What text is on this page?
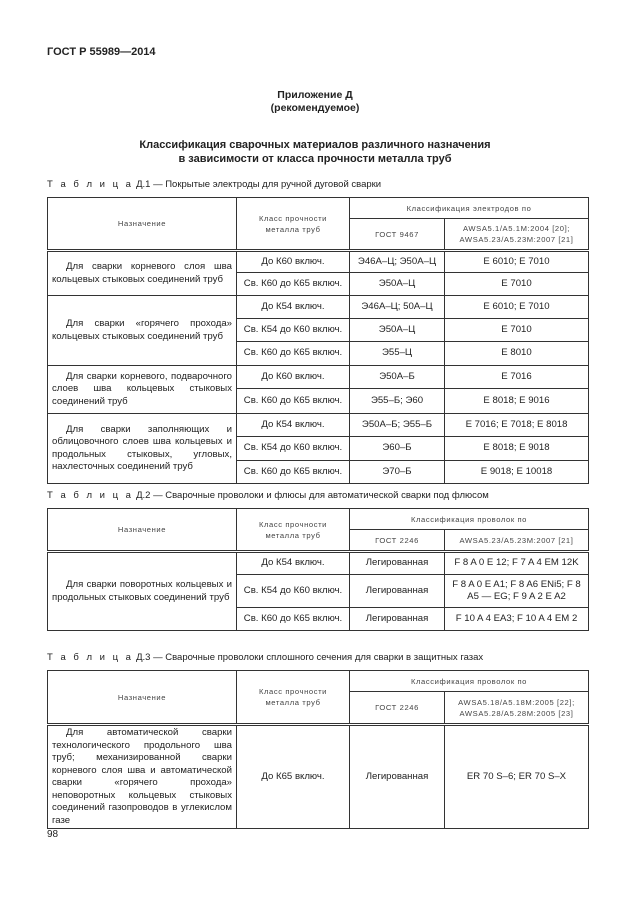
ГОСТ Р 55989—2014
Приложение Д
(рекомендуемое)
Классификация сварочных материалов различного назначения
в зависимости от класса прочности металла труб
Т а б л и ц а Д.1 — Покрытые электроды для ручной дуговой сварки
Назначение	Класс прочности металла труб	Классификация электродов по	
		ГОСТ 9467	AWSA5.1/A5.1M:2004 [20]; AWSA5.23/A5.23M:2007 [21]
Для сварки корневого слоя шва кольцевых стыковых соединений труб	До К60 включ.	Э46А–Ц; Э50А–Ц	E 6010; E 7010
	Св. К60 до К65 включ.	Э50А–Ц	E 7010
Для сварки «горячего прохода» кольцевых стыковых соединений труб	До К54 включ.	Э46А–Ц; 50А–Ц	E 6010; E 7010
	Св. К54 до К60 включ.	Э50А–Ц	E 7010
	Св. К60 до К65 включ.	Э55–Ц	E 8010
Для сварки корневого, подварочного слоев шва кольцевых стыковых соединений труб	До К60 включ.	Э50А–Б	E 7016
	Св. К60 до К65 включ.	Э55–Б; Э60	E 8018; E 9016
Для сварки заполняющих и облицовочного слоев шва кольцевых и продольных стыковых, угловых, нахлесточных соединений труб	До К54 включ.	Э50А–Б; Э55–Б	E 7016; E 7018; E 8018
	Св. К54 до К60 включ.	Э60–Б	E 8018; E 9018
	Св. К60 до К65 включ.	Э70–Б	E 9018; E 10018
Т а б л и ц а Д.2 — Сварочные проволоки и флюсы для автоматической сварки под флюсом
Назначение	Класс прочности металла труб	Классификация проволок по	
		ГОСТ 2246	AWSA5.23/A5.23M:2007 [21]
Для сварки поворотных кольцевых и продольных стыковых соединений труб	До К54 включ.	Легированная	F 8 A 0 E 12; F 7 A 4 EM 12K
	Св. К54 до К60 включ.	Легированная	F 8 A 0 E A1; F 8 A6 ENi5; F 8 A5 — EG; F 9 A 2 E A2
	Св. К60 до К65 включ.	Легированная	F 10 A 4 EA3; F 10 A 4 EM 2
Т а б л и ц а Д.3 — Сварочные проволоки сплошного сечения для сварки в защитных газах
Назначение	Класс прочности металла труб	Классификация проволок по	
		ГОСТ 2246	AWSA5.18/A5.18M:2005 [22]; AWSA5.28/A5.28M:2005 [23]
Для автоматической сварки технологического продольного шва труб; механизированной сварки корневого слоя шва и автоматической сварки «горячего прохода» неповоротных кольцевых стыковых соединений газопроводов в углекислом газе	До К65 включ.	Легированная	ER 70 S–6; ER 70 S–X
98
